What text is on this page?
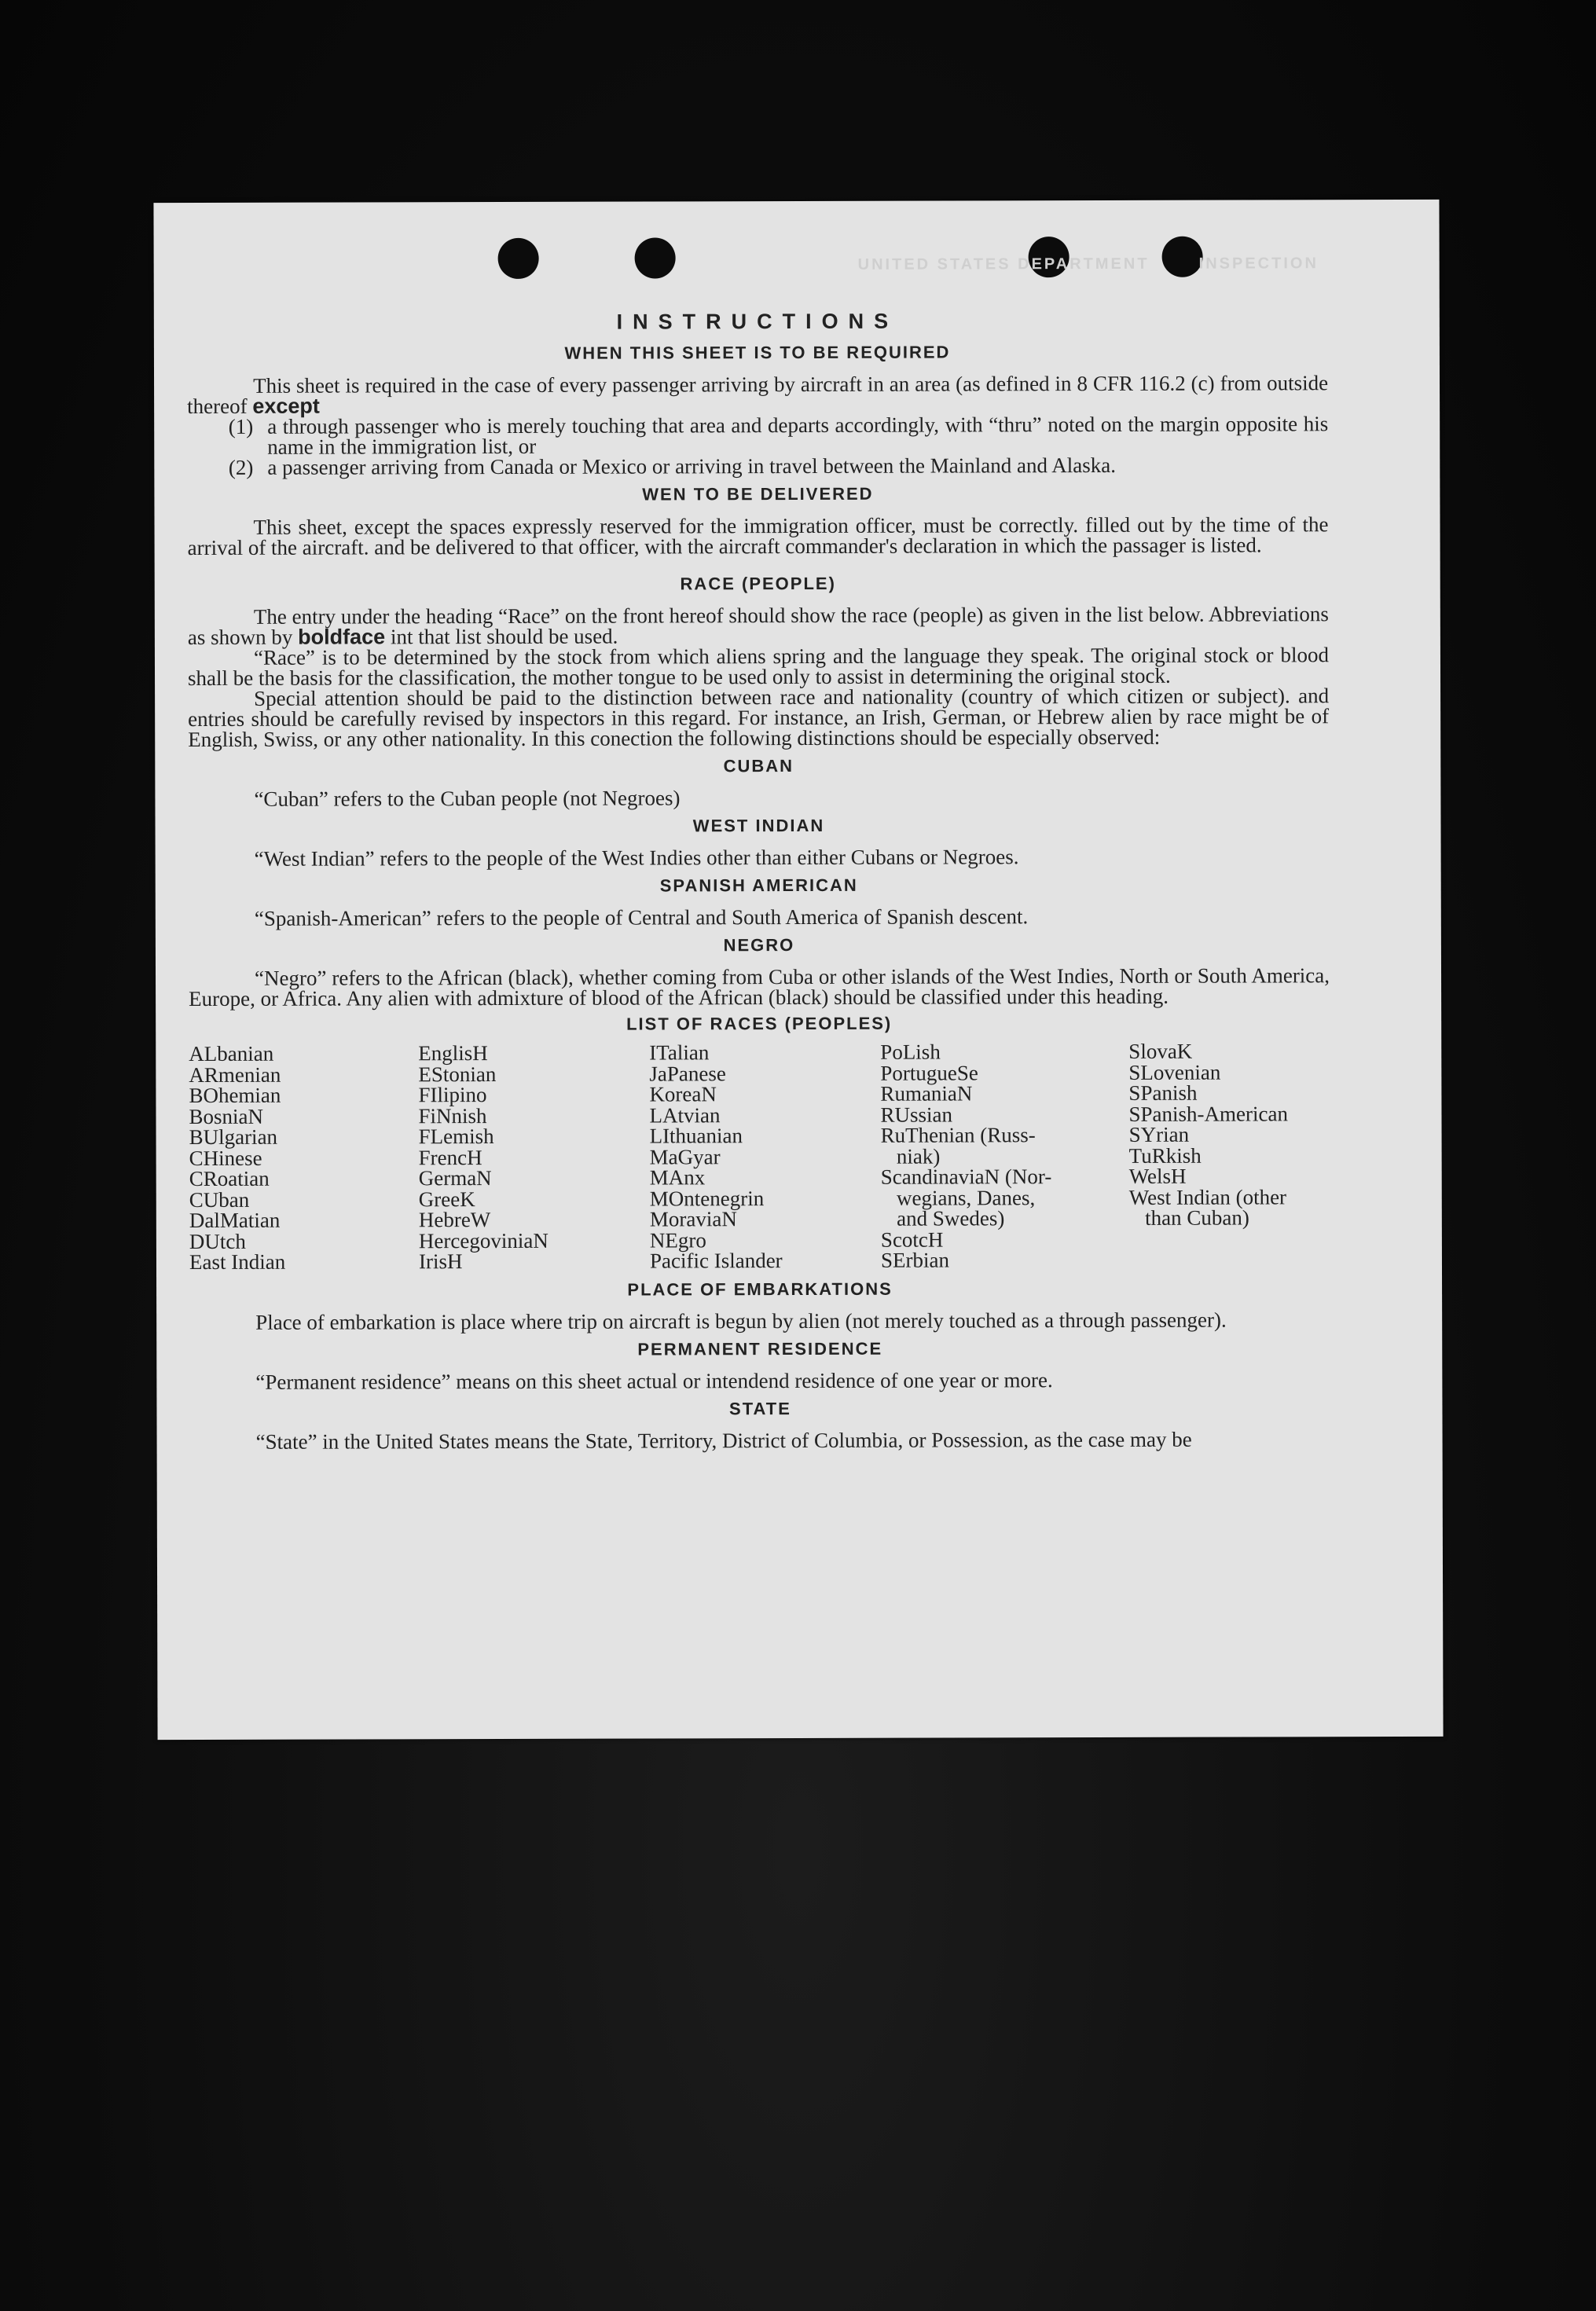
UNITED STATES DEPARTMENT	INSPECTION
INSTRUCTIONS
WHEN THIS SHEET IS TO BE REQUIRED

This sheet is required in the case of every passenger arriving by aircraft in an area (as defined in 8 CFR 116.2 (c) from outside thereof except

(1) a through passenger who is merely touching that area and departs accordingly, with “thru” noted on the margin opposite his name in the immigration list, or
(2) a passenger arriving from Canada or Mexico or arriving in travel between the Mainland and Alaska.
WEN TO BE DELIVERED

This sheet, except the spaces expressly reserved for the immigration officer, must be correctly. filled out by the time of the arrival of the aircraft. and be delivered to that officer, with the aircraft commander's declaration in which the passager is listed.

RACE (PEOPLE)

The entry under the heading “Race” on the front hereof should show the race (people) as given in the list below. Abbreviations as shown by boldface int that list should be used.

“Race” is to be determined by the stock from which aliens spring and the language they speak. The original stock or blood shall be the basis for the classification, the mother tongue to be used only to assist in determining the original stock.

Special attention should be paid to the distinction between race and nationality (country of which citizen or subject). and entries should be carefully revised by inspectors in this regard. For instance, an Irish, German, or Hebrew alien by race might be of English, Swiss, or any other nationality. In this conection the following distinctions should be especially observed:

CUBAN

“Cuban” refers to the Cuban people (not Negroes)

WEST INDIAN

“West Indian” refers to the people of the West Indies other than either Cubans or Negroes.

SPANISH AMERICAN

“Spanish-American” refers to the people of Central and South America of Spanish descent.

NEGRO

“Negro” refers to the African (black), whether coming from Cuba or other islands of the West Indies, North or South America, Europe, or Africa. Any alien with admixture of blood of the African (black) should be classified under this heading.

LIST OF RACES (PEOPLES)
ALbanian
ARmenian
BOhemian
BosniaN
BUlgarian
CHinese
CRoatian
CUban
DalMatian
DUtch
East Indian
EnglisH
EStonian
FIlipino
FiNnish
FLemish
FrencH
GermaN
GreeK
HebreW
HercegoviniaN
IrisH
ITalian
JaPanese
KoreaN
LAtvian
LIthuanian
MaGyar
MAnx
MOntenegrin
MoraviaN
NEgro
Pacific Islander
PoLish
PortugueSe
RumaniaN
RUssian
RuThenian (Russ-
niak)
ScandinaviaN (Nor-
wegians, Danes,
and Swedes)
ScotcH
SErbian
SlovaK
SLovenian
SPanish
SPanish-American
SYrian
TuRkish
WelsH
West Indian (other
than Cuban)
PLACE OF EMBARKATIONS

Place of embarkation is place where trip on aircraft is begun by alien (not merely touched as a through passenger).

PERMANENT RESIDENCE

“Permanent residence” means on this sheet actual or intendend residence of one year or more.

STATE

“State” in the United States means the State, Territory, District of Columbia, or Possession, as the case may be
